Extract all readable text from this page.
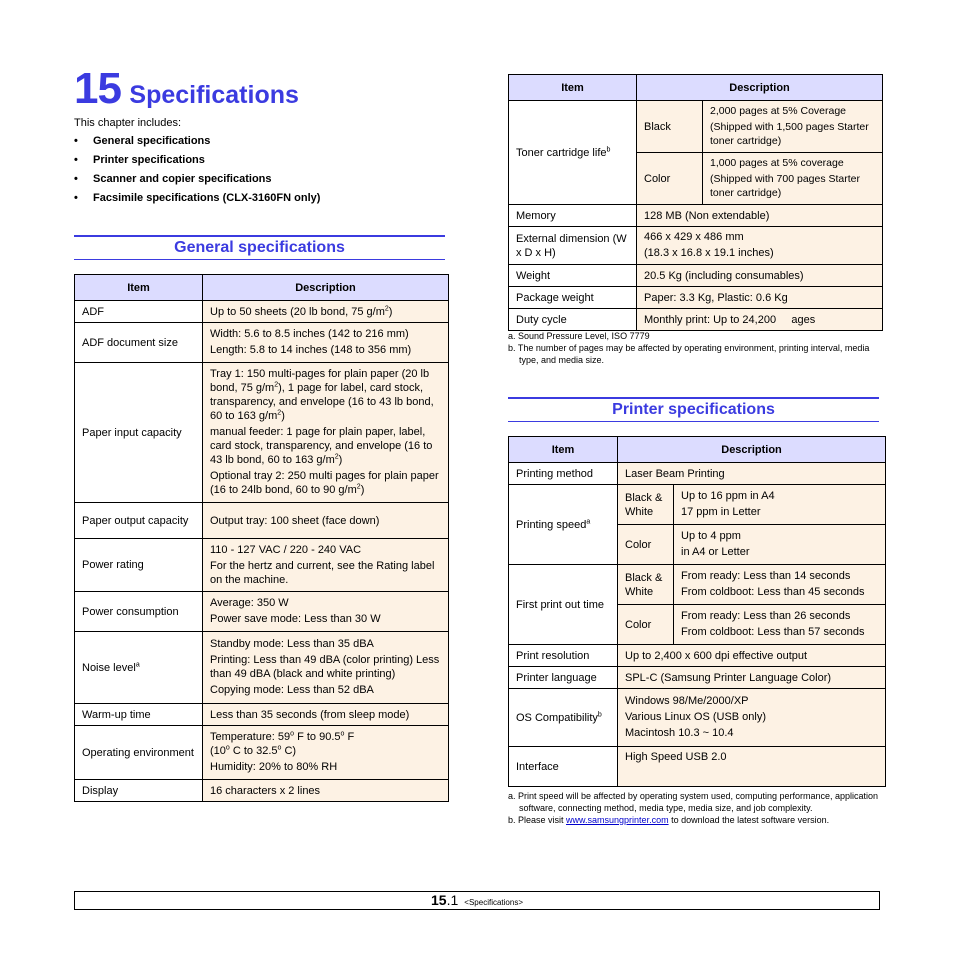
15 Specifications
This chapter includes:
•	General specifications
•	Printer specifications
•	Scanner and copier specifications
•	Facsimile specifications (CLX-3160FN only)
General specifications
Item	Description
ADF	Up to 50 sheets (20 lb bond, 75 $g/m^2$)
ADF document size	Width: 5.6 to 8.5 inches (142 to 216 mm)

Length: 5.8 to 14 inches (148 to 356 mm)

Paper input capacity	Tray 1: 150 multi-pages for plain paper (20 lb bond, 75 $g/m^2$), 1 page for label, card stock, transparency, and envelope (16 to 43 lb bond, 60 to 163 $g/m^2$)

manual feeder: 1 page for plain paper, label, card stock, transparency, and envelope (16 to 43 lb bond, 60 to 163 $g/m^2$)

Optional tray 2: 250 multi pages for plain paper (16 to 24lb bond, 60 to 90 $g/m^2$)

Paper output capacity	Output tray: 100 sheet (face down)
Power rating	110 - 127 VAC / 220 - 240 VAC

For the hertz and current, see the Rating label on the machine.

Power consumption	Average: 350 W

Power save mode: Less than 30 W

Noise level$^a$	Standby mode: Less than 35 dBA

Printing: Less than 49 dBA (color printing) Less than 49 dBA (black and white printing)

Copying mode: Less than 52 dBA

Warm-up time	Less than 35 seconds (from sleep mode)
Operating environment	Temperature: 59$^o$ F to 90.5$^o$ F
(10$^o$ C to 32.5$^o$ C)

Humidity: 20% to 80% RH

Display	16 characters x 2 lines
Item	Description	
Toner cartridge life$^b$	Black	2,000 pages at 5% Coverage

(Shipped with 1,500 pages Starter toner cartridge)

	Color	1,000 pages at 5% coverage

(Shipped with 700 pages Starter toner cartridge)

Memory	128 MB (Non extendable)	
External dimension (W x D x H)	466 x 429 x 486 mm

(18.3 x 16.8 x 19.1 inches)	

Weight	20.5 Kg (including consumables)	
Package weight	Paper: 3.3 Kg, Plastic: 0.6 Kg	
Duty cycle	Monthly print: Up to 24,200     ages	
a. Sound Pressure Level, ISO 7779
b. The number of pages may be affected by operating environment, printing interval, media type, and media size.
Printer specifications
Item	Description	
Printing method	Laser Beam Printing	
Printing speed$^a$	Black & White	Up to 16 ppm in A4

17 ppm in Letter

	Color	Up to 4 ppm

in A4 or Letter

First print out time	Black & White	From ready: Less than 14 seconds

From coldboot: Less than 45 seconds

	Color	From ready: Less than 26 seconds

From coldboot: Less than 57 seconds

Print resolution	Up to 2,400 x 600 dpi effective output	
Printer language	SPL-C (Samsung Printer Language Color)	
OS Compatibility$^b$	Windows 98/Me/2000/XP

Various Linux OS (USB only)

Macintosh 10.3 ~ 10.4	

Interface	High Speed USB 2.0	
a. Print speed will be affected by operating system used, computing performance, application software, connecting method, media type, media size, and job complexity.
b. Please visit www.samsungprinter.com to download the latest software version.
15.1 <Specifications>
